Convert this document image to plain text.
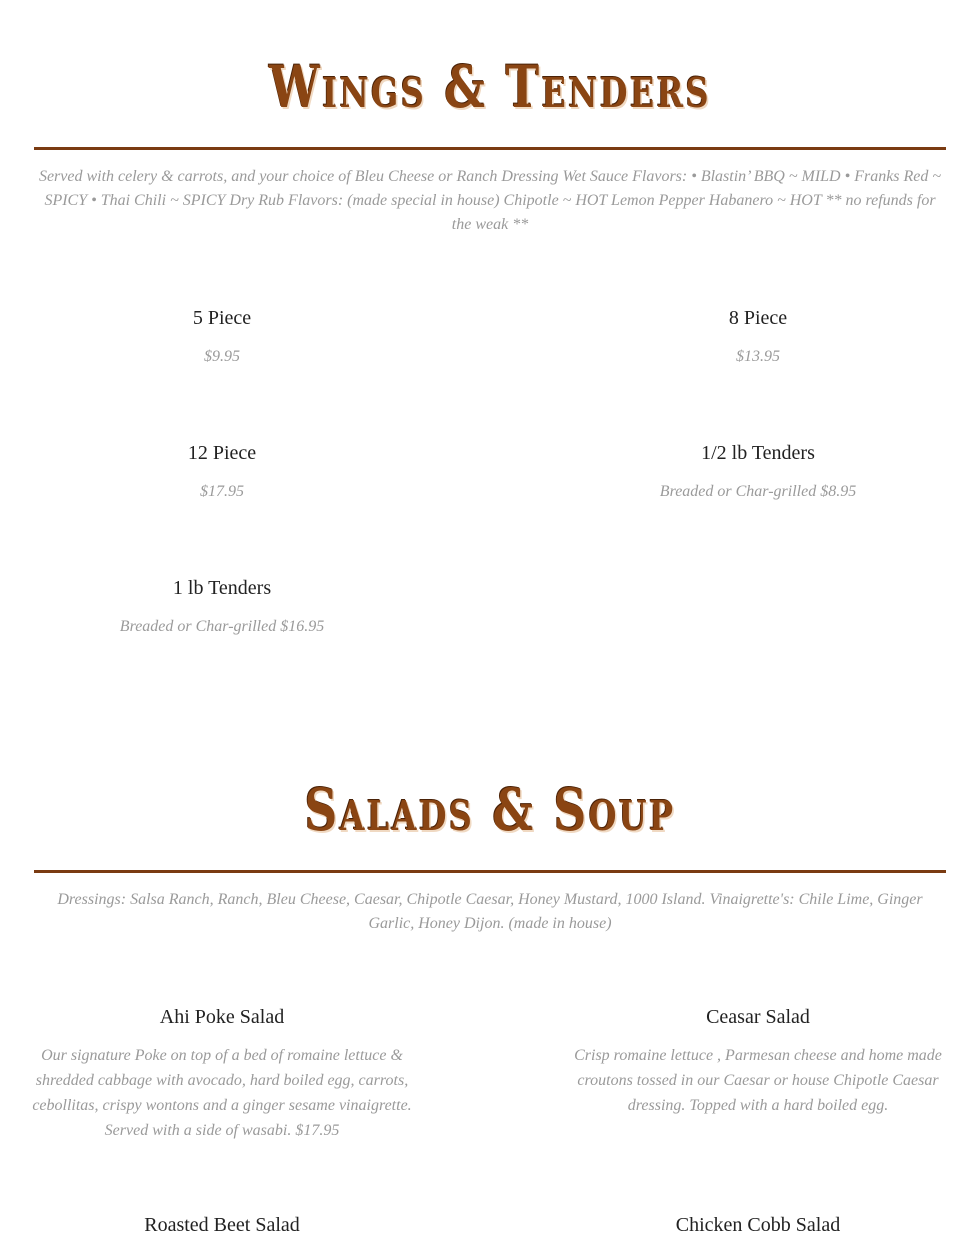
Wings & Tenders

Served with celery & carrots, and your choice of Bleu Cheese or Ranch Dressing Wet Sauce Flavors: • Blastin’ BBQ ~ MILD • Franks Red ~ SPICY • Thai Chili ~ SPICY Dry Rub Flavors: (made special in house) Chipotle ~ HOT Lemon Pepper Habanero ~ HOT ** no refunds for the weak **

5 Piece

$9.95

8 Piece

$13.95

12 Piece

$17.95

1/2 lb Tenders

Breaded or Char-grilled $8.95

1 lb Tenders

Breaded or Char-grilled $16.95

Salads & Soup

Dressings: Salsa Ranch, Ranch, Bleu Cheese, Caesar, Chipotle Caesar, Honey Mustard, 1000 Island. Vinaigrette's: Chile Lime, Ginger Garlic, Honey Dijon. (made in house)

Ahi Poke Salad

Our signature Poke on top of a bed of romaine lettuce & shredded cabbage with avocado, hard boiled egg, carrots, cebollitas, crispy wontons and a ginger sesame vinaigrette. Served with a side of wasabi. $17.95

Ceasar Salad

Crisp romaine lettuce , Parmesan cheese and home made croutons tossed in our Caesar or house Chipotle Caesar dressing. Topped with a hard boiled egg.

Roasted Beet Salad	Chicken Cobb Salad
